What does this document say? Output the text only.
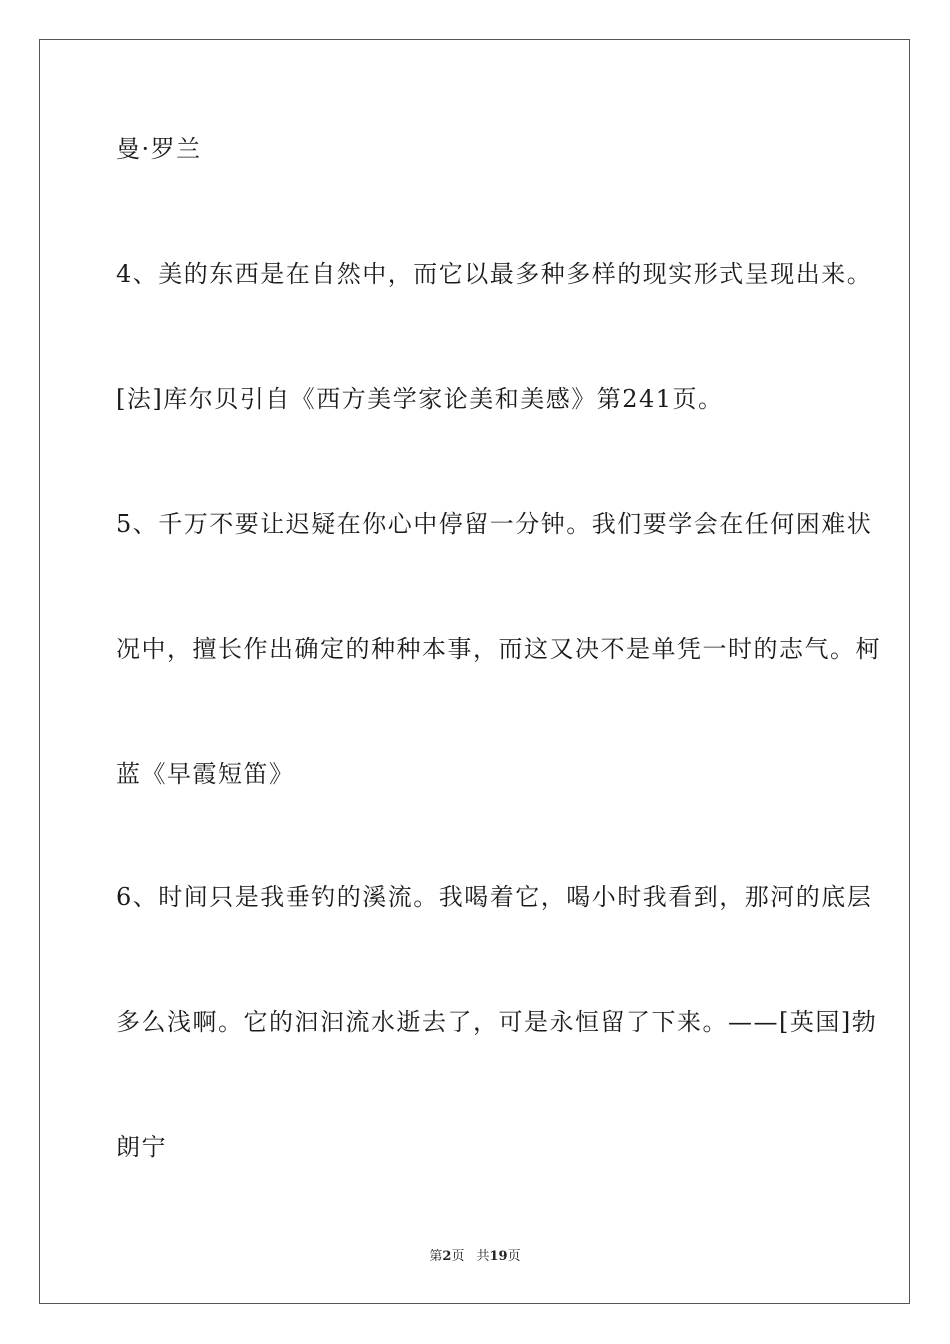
曼·罗兰
4、美的东西是在自然中，而它以最多种多样的现实形式呈现出来。
[法]库尔贝引自《西方美学家论美和美感》第241页。
5、千万不要让迟疑在你心中停留一分钟。我们要学会在任何困难状
况中，擅长作出确定的种种本事，而这又决不是单凭一时的志气。柯
蓝《早霞短笛》
6、时间只是我垂钓的溪流。我喝着它，喝小时我看到，那河的底层
多么浅啊。它的汩汩流水逝去了，可是永恒留了下来。——[英国]勃
朗宁
第2页 共19页
